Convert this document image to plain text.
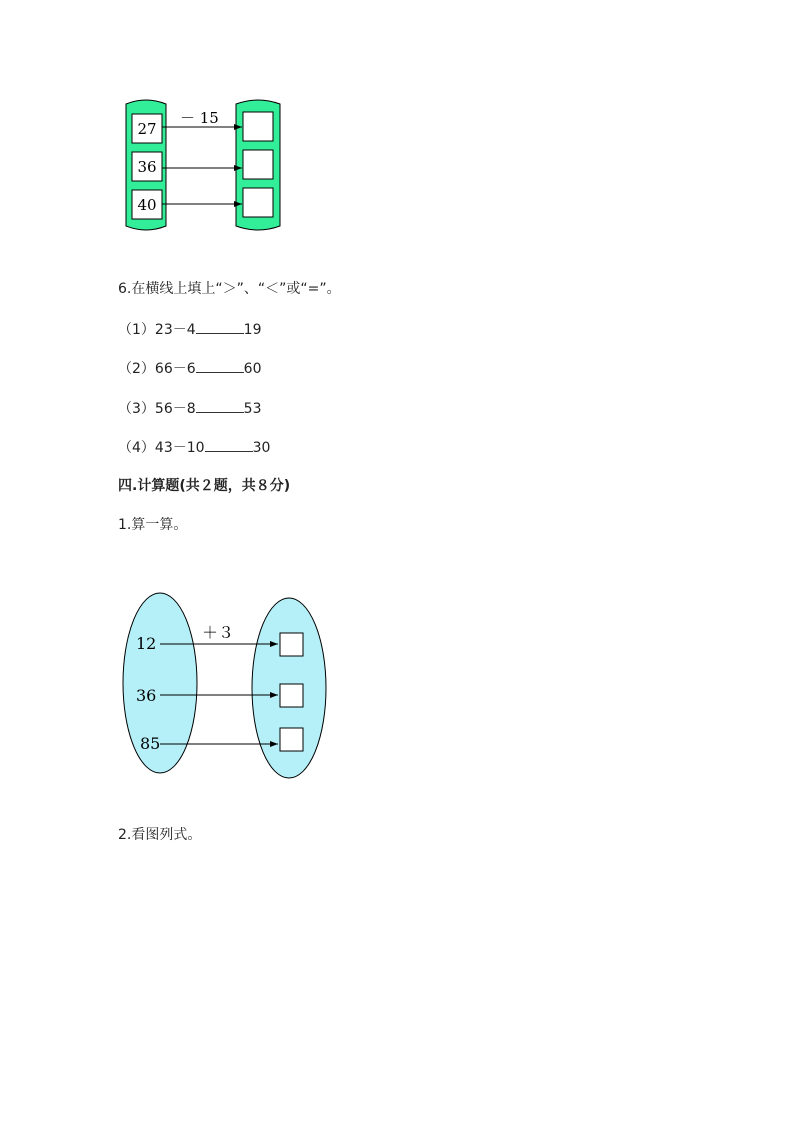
27
36
40
－ 15
6.在横线上填上“＞”、“＜”或“=”。
（1）23－4	19
（2）66－6	60
（3）56－8	53
（4）43－10	30
四.计算题(共２题，共８分)
1.算一算。
12
36
85
＋３
2.看图列式。
